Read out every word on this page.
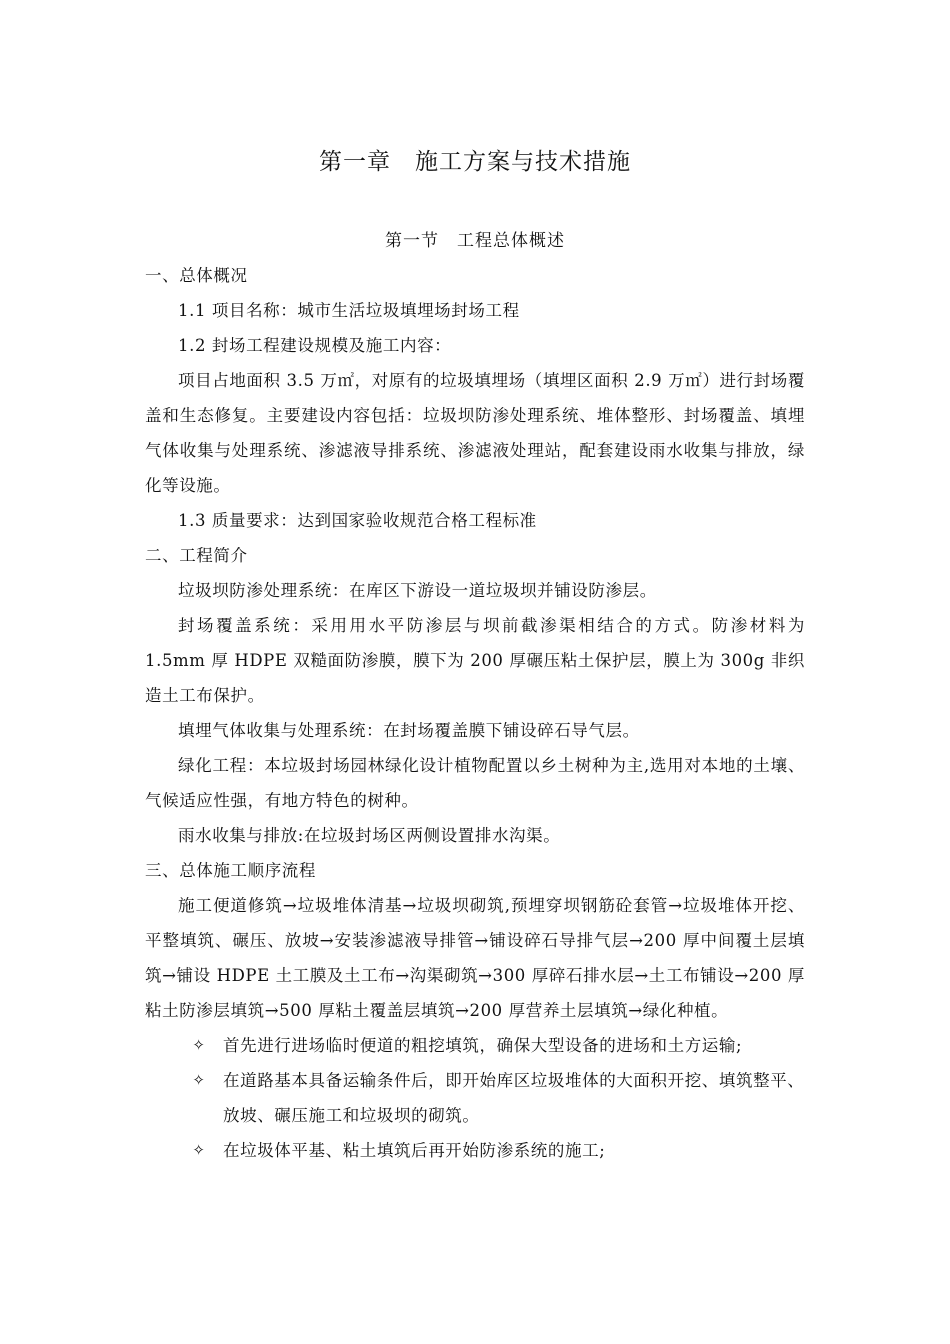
第一章　施工方案与技术措施
第一节　工程总体概述

一、总体概况

1.1 项目名称：城市生活垃圾填埋场封场工程

1.2 封场工程建设规模及施工内容：

项目占地面积 3.5 万㎡，对原有的垃圾填埋场（填埋区面积 2.9 万㎡）进行封场覆盖和生态修复。主要建设内容包括：垃圾坝防渗处理系统、堆体整形、封场覆盖、填埋气体收集与处理系统、渗滤液导排系统、渗滤液处理站，配套建设雨水收集与排放，绿化等设施。

1.3 质量要求：达到国家验收规范合格工程标准

二、工程简介

垃圾坝防渗处理系统：在库区下游设一道垃圾坝并铺设防渗层。

封场覆盖系统：采用用水平防渗层与坝前截渗渠相结合的方式。防渗材料为 1.5mm 厚 HDPE 双糙面防渗膜，膜下为 200 厚碾压粘土保护层，膜上为 300g 非织造土工布保护。

填埋气体收集与处理系统：在封场覆盖膜下铺设碎石导气层。

绿化工程：本垃圾封场园林绿化设计植物配置以乡土树种为主,选用对本地的土壤、气候适应性强，有地方特色的树种。

雨水收集与排放:在垃圾封场区两侧设置排水沟渠。

三、总体施工顺序流程

施工便道修筑→垃圾堆体清基→垃圾坝砌筑,预埋穿坝钢筋砼套管→垃圾堆体开挖、平整填筑、碾压、放坡→安装渗滤液导排管→铺设碎石导排气层→200 厚中间覆土层填筑→铺设 HDPE 土工膜及土工布→沟渠砌筑→300 厚碎石排水层→土工布铺设→200 厚粘土防渗层填筑→500 厚粘土覆盖层填筑→200 厚营养土层填筑→绿化种植。

✧	首先进行进场临时便道的粗挖填筑，确保大型设备的进场和土方运输;
✧	在道路基本具备运输条件后，即开始库区垃圾堆体的大面积开挖、填筑整平、放坡、碾压施工和垃圾坝的砌筑。
✧	在垃圾体平基、粘土填筑后再开始防渗系统的施工;
